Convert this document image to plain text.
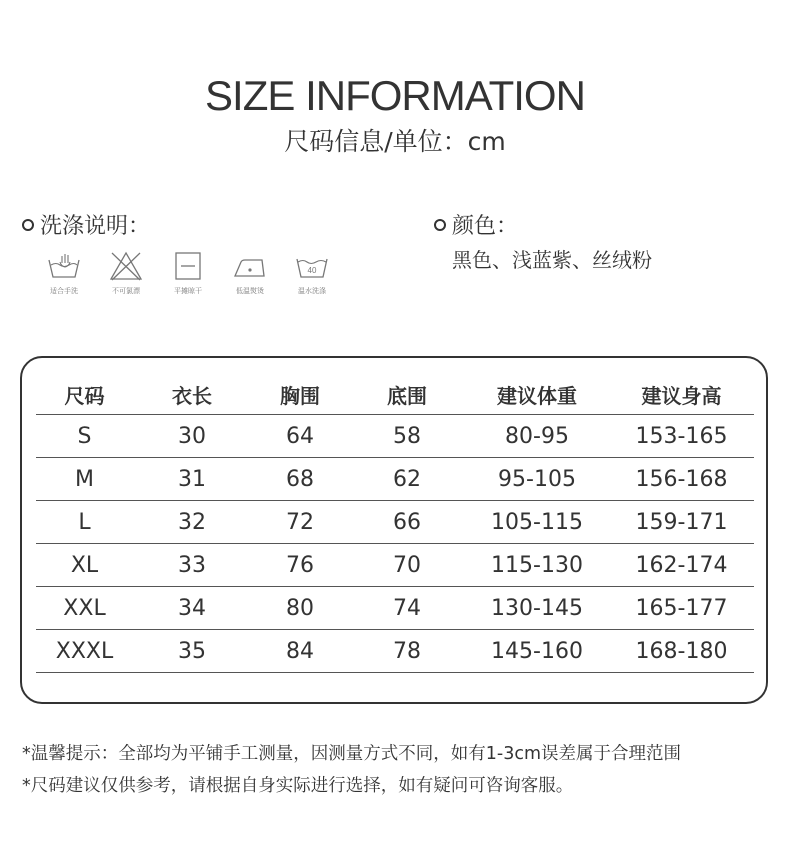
SIZE INFORMATION
尺码信息/单位：cm
洗涤说明：
适合手洗	不可氯漂	平摊晾干	低温熨烫
40
温水洗涤
颜色：
黑色、浅蓝紫、丝绒粉
尺码	衣长	胸围	底围	建议体重	建议身高
S	30	64	58	80-95	153-165
M	31	68	62	95-105	156-168
L	32	72	66	105-115	159-171
XL	33	76	70	115-130	162-174
XXL	34	80	74	130-145	165-177
XXXL	35	84	78	145-160	168-180
*温馨提示：全部均为平铺手工测量，因测量方式不同，如有1-3cm误差属于合理范围
*尺码建议仅供参考，请根据自身实际进行选择，如有疑问可咨询客服。
